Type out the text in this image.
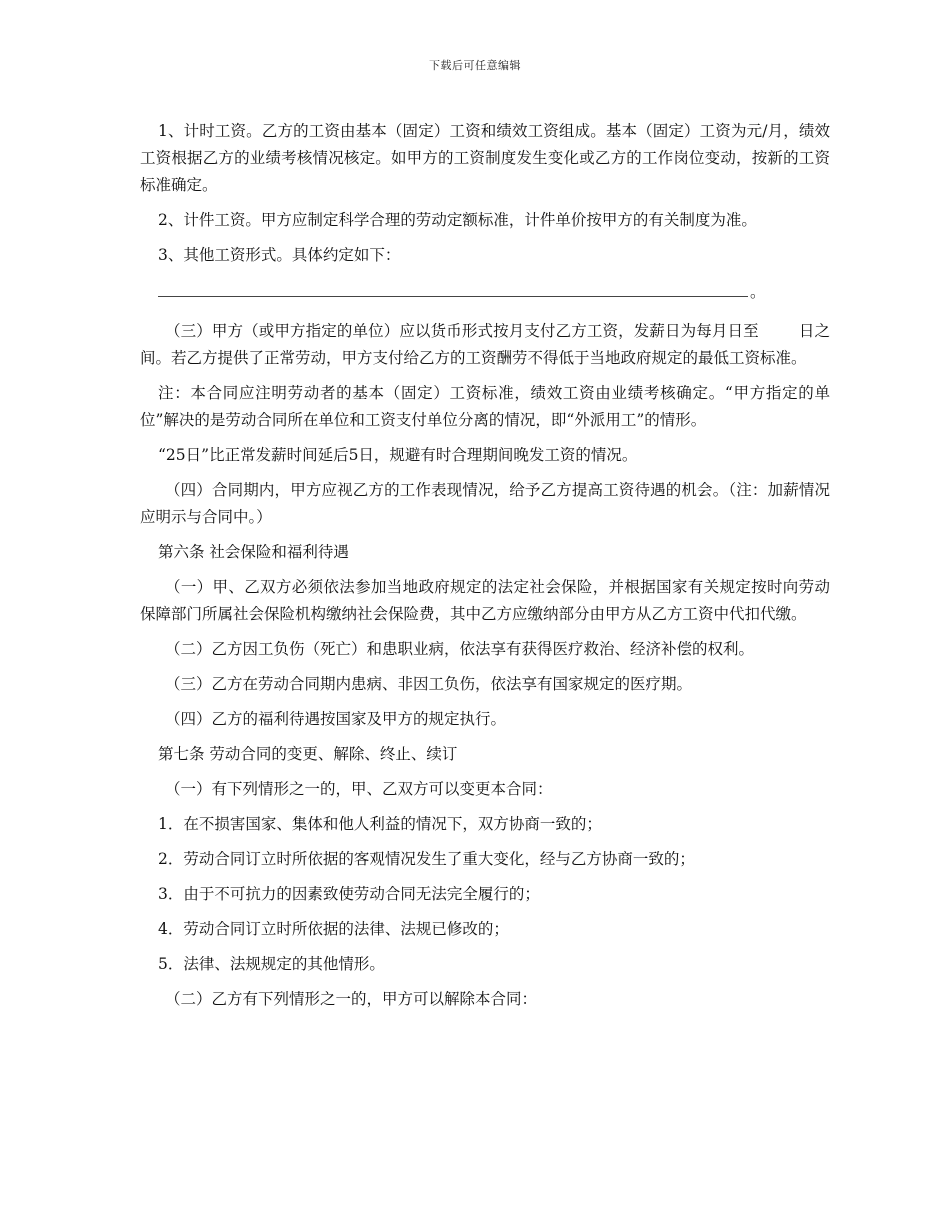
下载后可任意编辑

1、计时工资。乙方的工资由基本（固定）工资和绩效工资组成。基本（固定）工资为元/月，绩效工资根据乙方的业绩考核情况核定。如甲方的工资制度发生变化或乙方的工作岗位变动，按新的工资标准确定。

2、计件工资。甲方应制定科学合理的劳动定额标准，计件单价按甲方的有关制度为准。

3、其他工资形式。具体约定如下：

。

（三）甲方（或甲方指定的单位）应以货币形式按月支付乙方工资，发薪日为每月日至	日之间。若乙方提供了正常劳动，甲方支付给乙方的工资酬劳不得低于当地政府规定的最低工资标准。

注：本合同应注明劳动者的基本（固定）工资标准，绩效工资由业绩考核确定。“甲方指定的单位”解决的是劳动合同所在单位和工资支付单位分离的情况，即“外派用工”的情形。

“25日”比正常发薪时间延后5日，规避有时合理期间晚发工资的情况。

（四）合同期内，甲方应视乙方的工作表现情况，给予乙方提高工资待遇的机会。（注：加薪情况应明示与合同中。）

第六条 社会保险和福利待遇

（一）甲、乙双方必须依法参加当地政府规定的法定社会保险，并根据国家有关规定按时向劳动保障部门所属社会保险机构缴纳社会保险费，其中乙方应缴纳部分由甲方从乙方工资中代扣代缴。

（二）乙方因工负伤（死亡）和患职业病，依法享有获得医疗救治、经济补偿的权利。

（三）乙方在劳动合同期内患病、非因工负伤，依法享有国家规定的医疗期。

（四）乙方的福利待遇按国家及甲方的规定执行。

第七条 劳动合同的变更、解除、终止、续订

（一）有下列情形之一的，甲、乙双方可以变更本合同：

1．在不损害国家、集体和他人利益的情况下，双方协商一致的；

2．劳动合同订立时所依据的客观情况发生了重大变化，经与乙方协商一致的；

3．由于不可抗力的因素致使劳动合同无法完全履行的；

4．劳动合同订立时所依据的法律、法规已修改的；

5．法律、法规规定的其他情形。

（二）乙方有下列情形之一的，甲方可以解除本合同：
